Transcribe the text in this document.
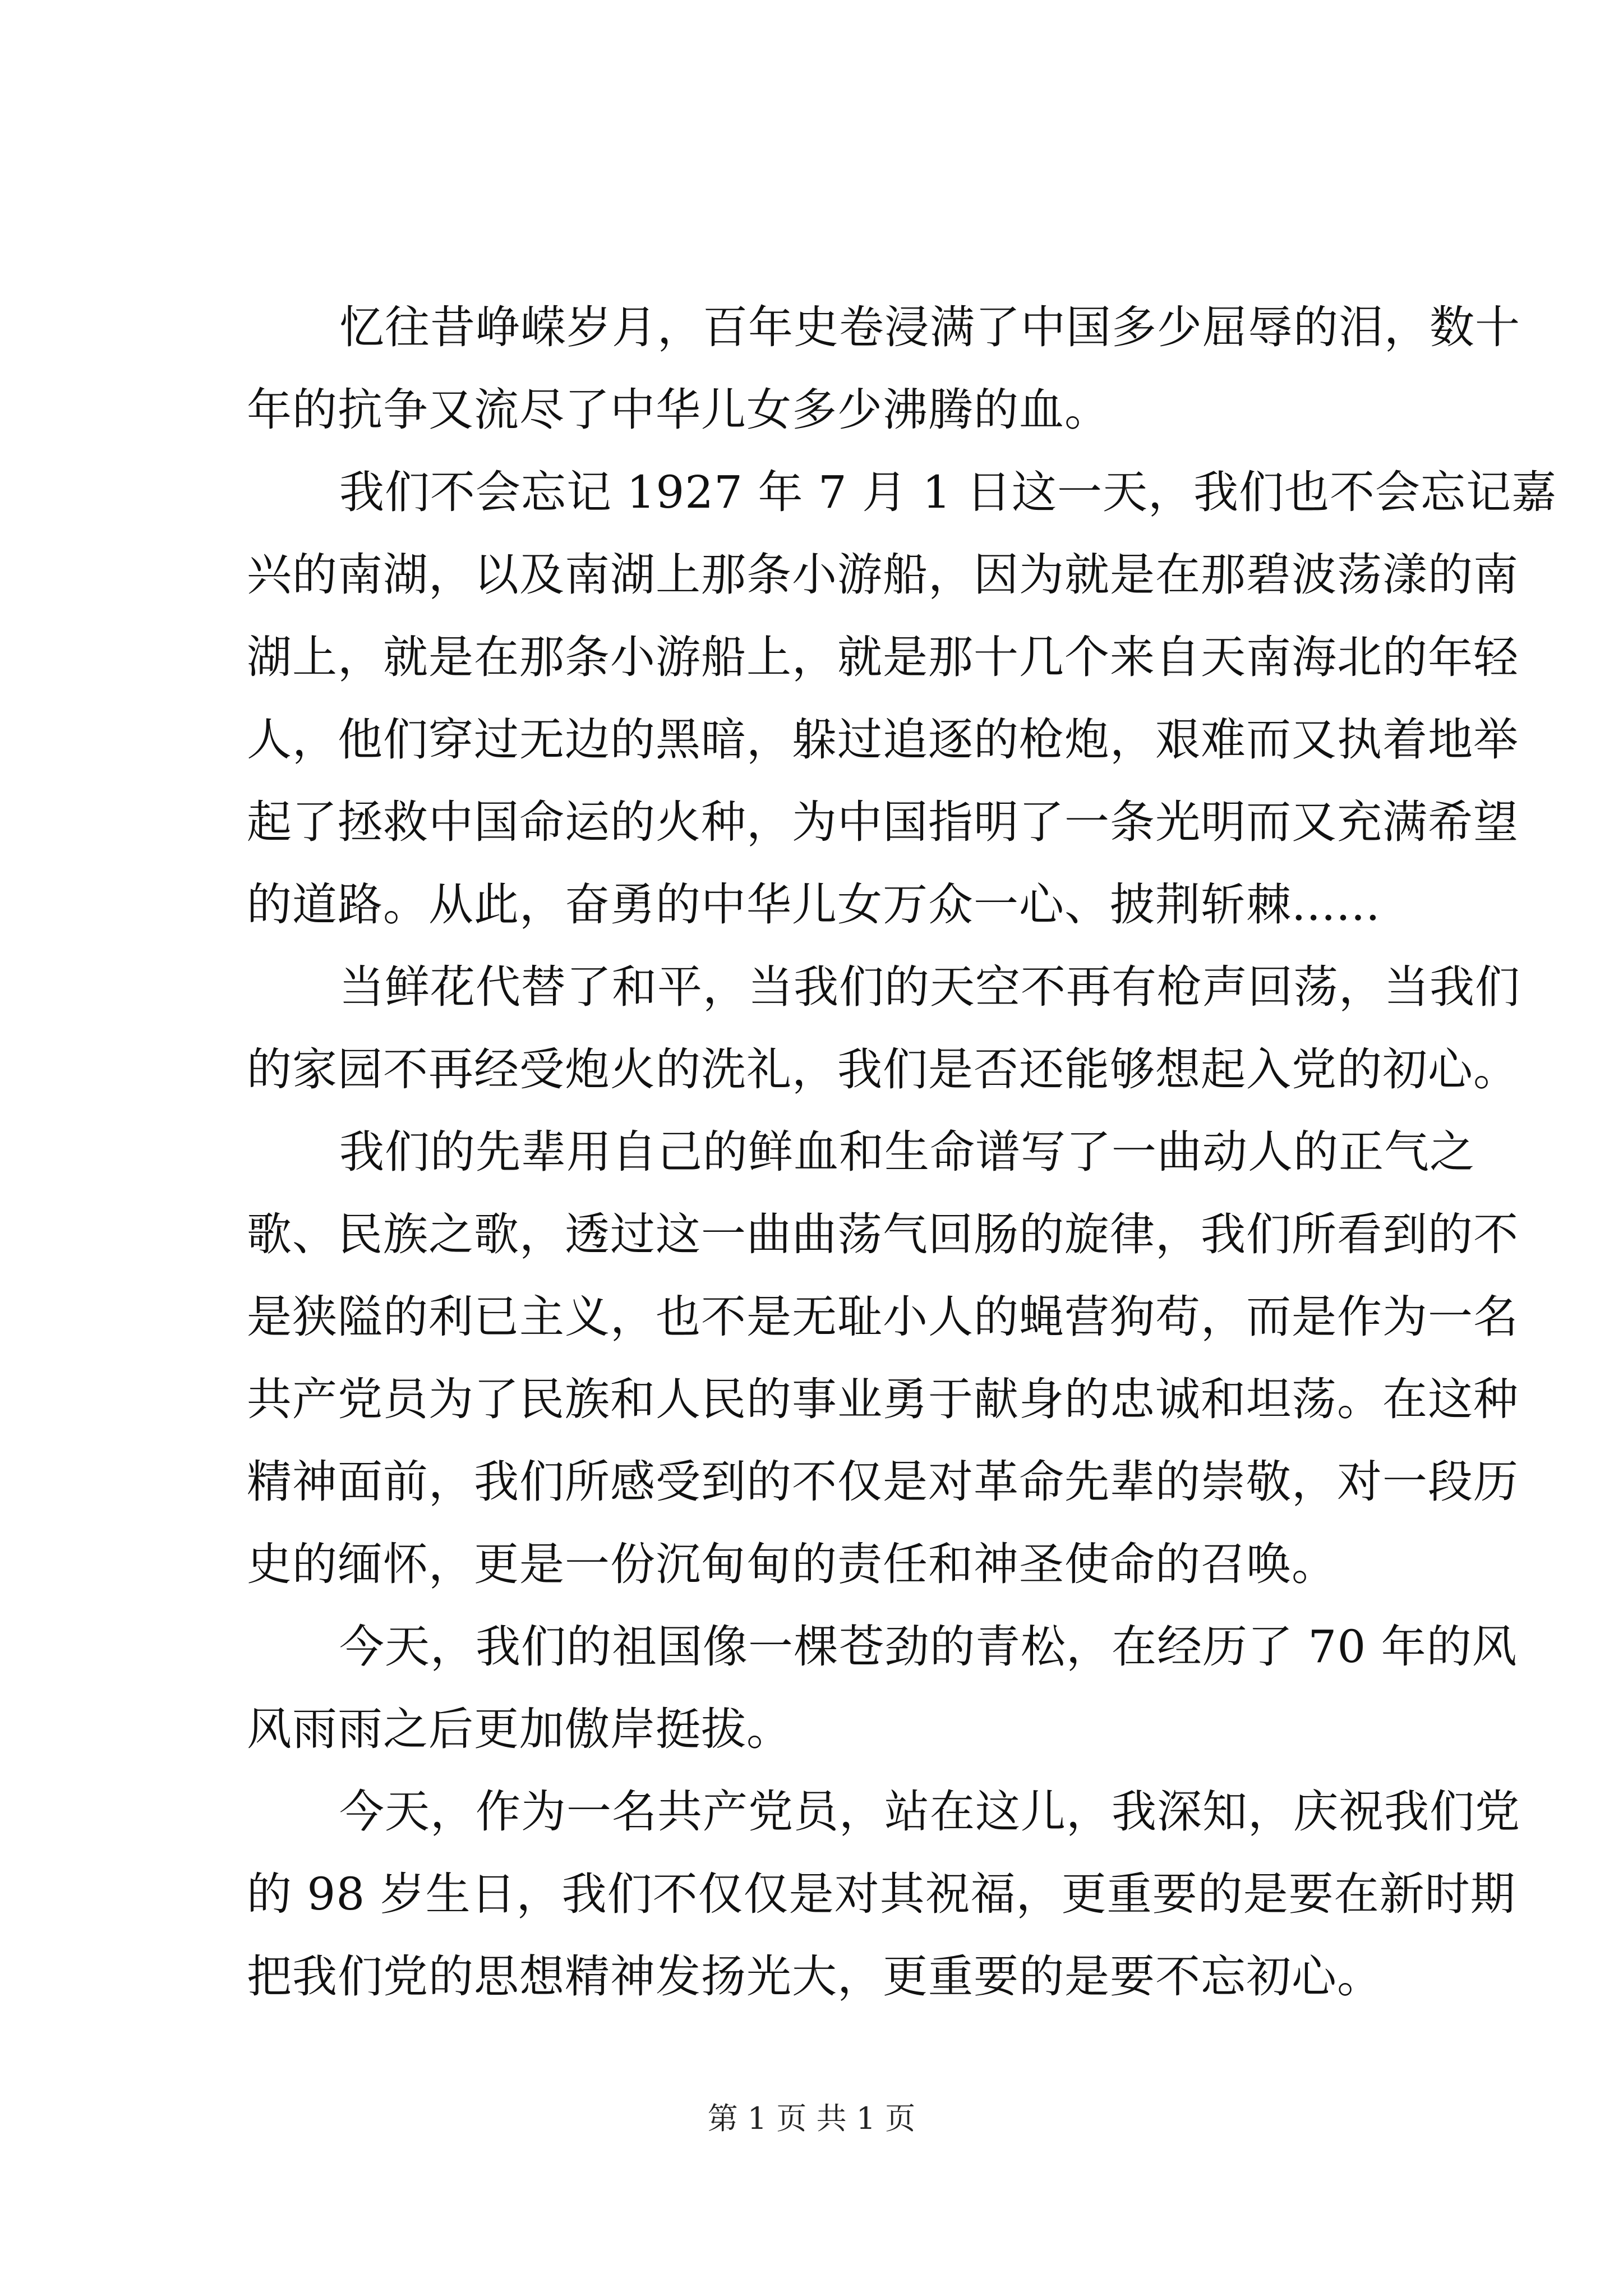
忆往昔峥嵘岁月，百年史卷浸满了中国多少屈辱的泪，数十
年的抗争又流尽了中华儿女多少沸腾的血。
我们不会忘记 1927 年 7 月 1 日这一天，我们也不会忘记嘉
兴的南湖，以及南湖上那条小游船，因为就是在那碧波荡漾的南
湖上，就是在那条小游船上，就是那十几个来自天南海北的年轻
人，他们穿过无边的黑暗，躲过追逐的枪炮，艰难而又执着地举
起了拯救中国命运的火种，为中国指明了一条光明而又充满希望
的道路。从此，奋勇的中华儿女万众一心、披荆斩棘......
当鲜花代替了和平，当我们的天空不再有枪声回荡，当我们
的家园不再经受炮火的洗礼，我们是否还能够想起入党的初心。
我们的先辈用自己的鲜血和生命谱写了一曲动人的正气之
歌、民族之歌，透过这一曲曲荡气回肠的旋律，我们所看到的不
是狭隘的利已主义，也不是无耻小人的蝇营狗苟，而是作为一名
共产党员为了民族和人民的事业勇于献身的忠诚和坦荡。在这种
精神面前，我们所感受到的不仅是对革命先辈的崇敬，对一段历
史的缅怀，更是一份沉甸甸的责任和神圣使命的召唤。
今天，我们的祖国像一棵苍劲的青松，在经历了 70 年的风
风雨雨之后更加傲岸挺拔。
今天，作为一名共产党员，站在这儿，我深知，庆祝我们党
的 98 岁生日，我们不仅仅是对其祝福，更重要的是要在新时期
把我们党的思想精神发扬光大，更重要的是要不忘初心。
第 1 页 共 1 页
